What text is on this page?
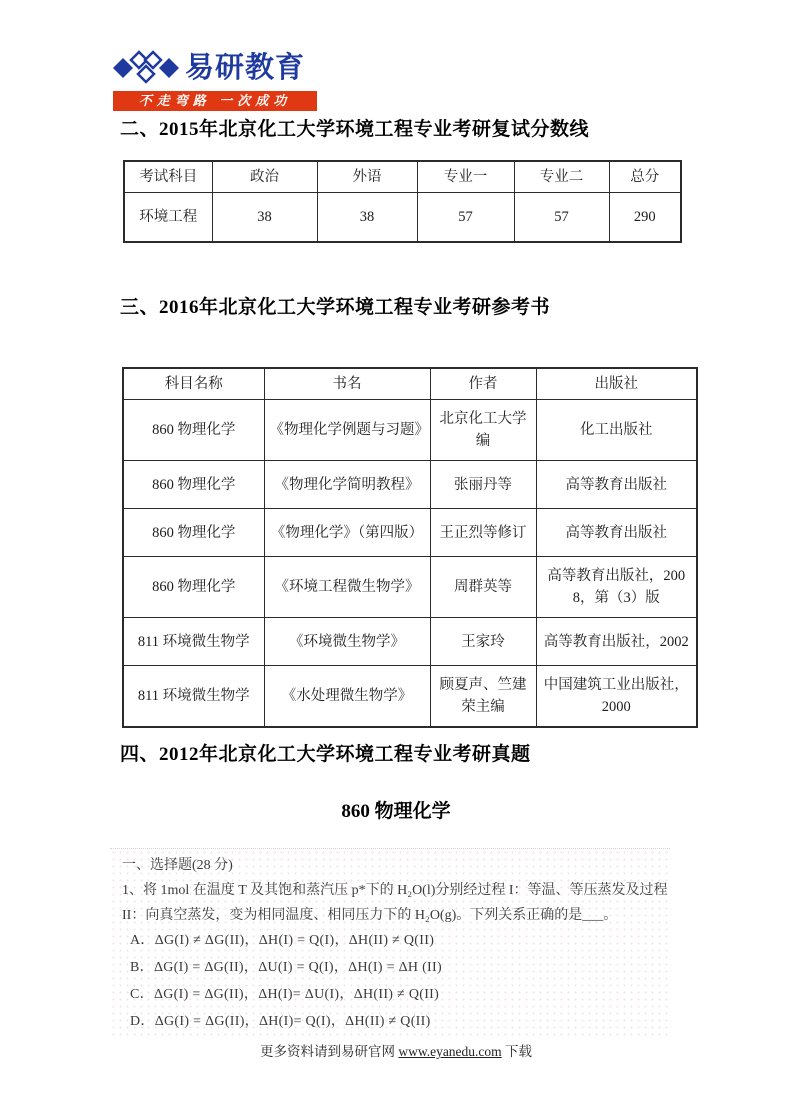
易研教育
不走弯路 一次成功
二、2015年北京化工大学环境工程专业考研复试分数线
考试科目	政治	外语	专业一	专业二	总分
环境工程	38	38	57	57	290
三、2016年北京化工大学环境工程专业考研参考书
科目名称	书名	作者	出版社
860 物理化学	《物理化学例题与习题》	北京化工大学编	化工出版社
860 物理化学	《物理化学简明教程》	张丽丹等	高等教育出版社
860 物理化学	《物理化学》（第四版）	王正烈等修订	高等教育出版社
860 物理化学	《环境工程微生物学》	周群英等	高等教育出版社，2008，第（3）版
811 环境微生物学	《环境微生物学》	王家玲	高等教育出版社，2002
811 环境微生物学	《水处理微生物学》	顾夏声、竺建荣主编	中国建筑工业出版社，2000
四、2012年北京化工大学环境工程专业考研真题
860 物理化学
一、选择题(28 分)
1、将 1mol 在温度 T 及其饱和蒸汽压 p*下的 H₂O(l)分别经过程 I：等温、等压蒸发及过程
II：向真空蒸发，变为相同温度、相同压力下的 H₂O(g)。下列关系正确的是___。
A．ΔG(I) ≠ ΔG(II)，ΔH(I) = Q(I)，ΔH(II) ≠ Q(II)
B．ΔG(I) = ΔG(II)，ΔU(I) = Q(I)，ΔH(I) = ΔH (II)
C．ΔG(I) = ΔG(II)，ΔH(I)= ΔU(I)，ΔH(II) ≠ Q(II)
D．ΔG(I) = ΔG(II)，ΔH(I)= Q(I)，ΔH(II) ≠ Q(II)
更多资料请到易研官网 www.eyanedu.com 下载
